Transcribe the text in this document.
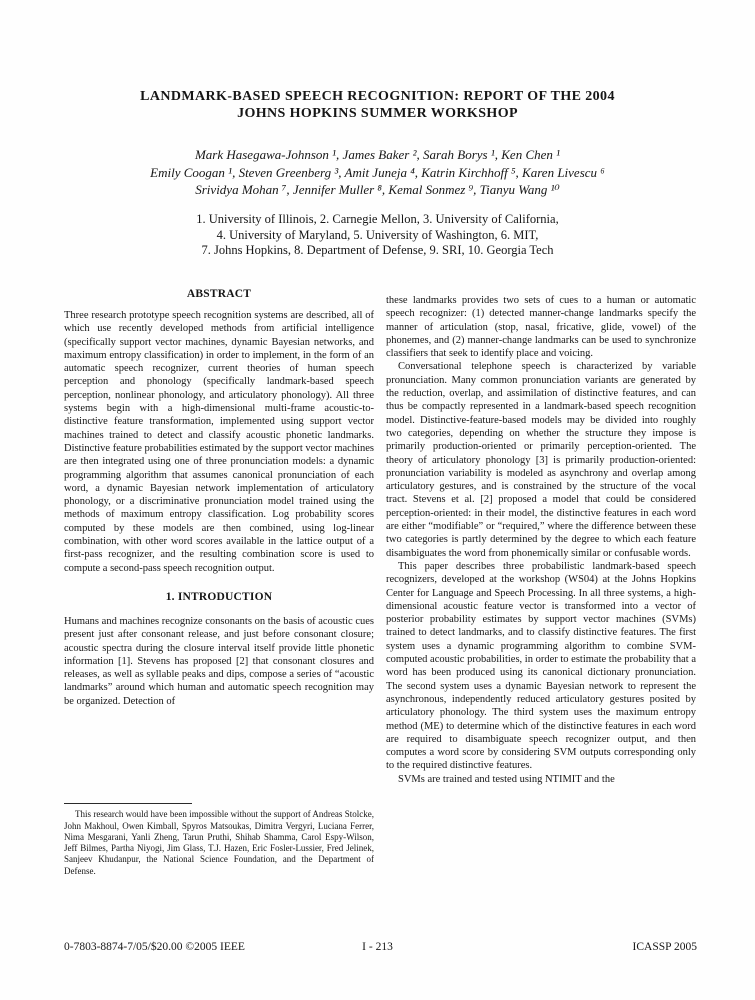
LANDMARK-BASED SPEECH RECOGNITION: REPORT OF THE 2004
JOHNS HOPKINS SUMMER WORKSHOP
Mark Hasegawa-Johnson ¹, James Baker ², Sarah Borys ¹, Ken Chen ¹
Emily Coogan ¹, Steven Greenberg ³, Amit Juneja ⁴, Katrin Kirchhoff ⁵, Karen Livescu ⁶
Srividya Mohan ⁷, Jennifer Muller ⁸, Kemal Sonmez ⁹, Tianyu Wang ¹⁰
1. University of Illinois, 2. Carnegie Mellon, 3. University of California,
4. University of Maryland, 5. University of Washington, 6. MIT,
7. Johns Hopkins, 8. Department of Defense, 9. SRI, 10. Georgia Tech
ABSTRACT

Three research prototype speech recognition systems are described, all of which use recently developed methods from artificial intelligence (specifically support vector machines, dynamic Bayesian networks, and maximum entropy classification) in order to implement, in the form of an automatic speech recognizer, current theories of human speech perception and phonology (specifically landmark-based speech perception, nonlinear phonology, and articulatory phonology). All three systems begin with a high-dimensional multi-frame acoustic-to-distinctive feature transformation, implemented using support vector machines trained to detect and classify acoustic phonetic landmarks. Distinctive feature probabilities estimated by the support vector machines are then integrated using one of three pronunciation models: a dynamic programming algorithm that assumes canonical pronunciation of each word, a dynamic Bayesian network implementation of articulatory phonology, or a discriminative pronunciation model trained using the methods of maximum entropy classification. Log probability scores computed by these models are then combined, using log-linear combination, with other word scores available in the lattice output of a first-pass recognizer, and the resulting combination score is used to compute a second-pass speech recognition output.

1. INTRODUCTION

Humans and machines recognize consonants on the basis of acoustic cues present just after consonant release, and just before consonant closure; acoustic spectra during the closure interval itself provide little phonetic information [1]. Stevens has proposed [2] that consonant closures and releases, as well as syllable peaks and dips, compose a series of “acoustic landmarks” around which human and automatic speech recognition may be organized. Detection of

This research would have been impossible without the support of Andreas Stolcke, John Makhoul, Owen Kimball, Spyros Matsoukas, Dimitra Vergyri, Luciana Ferrer, Nima Mesgarani, Yanli Zheng, Tarun Pruthi, Shihab Shamma, Carol Espy-Wilson, Jeff Bilmes, Partha Niyogi, Jim Glass, T.J. Hazen, Eric Fosler-Lussier, Fred Jelinek, Sanjeev Khudanpur, the National Science Foundation, and the Department of Defense.

these landmarks provides two sets of cues to a human or automatic speech recognizer: (1) detected manner-change landmarks specify the manner of articulation (stop, nasal, fricative, glide, vowel) of the phonemes, and (2) manner-change landmarks can be used to synchronize classifiers that seek to identify place and voicing.

Conversational telephone speech is characterized by variable pronunciation. Many common pronunciation variants are generated by the reduction, overlap, and assimilation of distinctive features, and can thus be compactly represented in a landmark-based speech recognition model. Distinctive-feature-based models may be divided into roughly two categories, depending on whether the structure they impose is primarily production-oriented or primarily perception-oriented. The theory of articulatory phonology [3] is primarily production-oriented: pronunciation variability is modeled as asynchrony and overlap among articulatory gestures, and is constrained by the structure of the vocal tract. Stevens et al. [2] proposed a model that could be considered perception-oriented: in their model, the distinctive features in each word are either “modifiable” or “required,” where the difference between these two categories is partly determined by the degree to which each feature disambiguates the word from phonemically similar or confusable words.

This paper describes three probabilistic landmark-based speech recognizers, developed at the workshop (WS04) at the Johns Hopkins Center for Language and Speech Processing. In all three systems, a high-dimensional acoustic feature vector is transformed into a vector of posterior probability estimates by support vector machines (SVMs) trained to detect landmarks, and to classify distinctive features. The first system uses a dynamic programming algorithm to combine SVM-computed acoustic probabilities, in order to estimate the probability that a word has been produced using its canonical dictionary pronunciation. The second system uses a dynamic Bayesian network to represent the asynchronous, independently reduced articulatory gestures posited by articulatory phonology. The third system uses the maximum entropy method (ME) to determine which of the distinctive features in each word are required to disambiguate speech recognizer output, and then computes a word score by considering SVM outputs corresponding only to the required distinctive features.

SVMs are trained and tested using NTIMIT and the

I - 213
0-7803-8874-7/05/$20.00 ©2005 IEEE	ICASSP 2005
